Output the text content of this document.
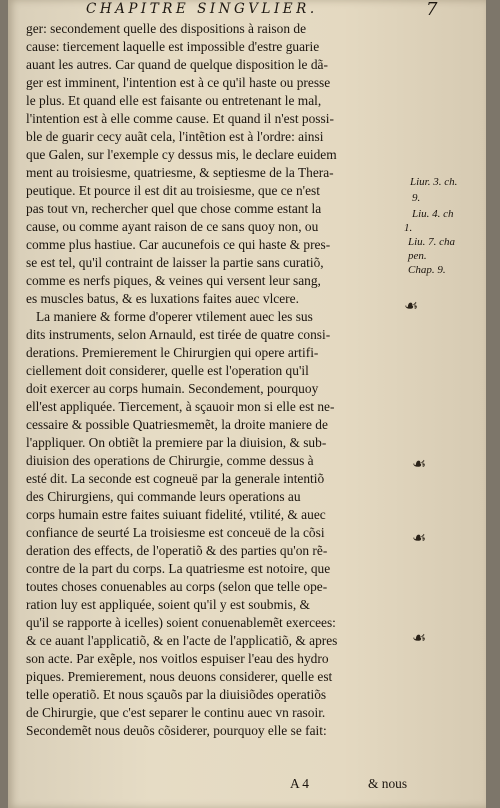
CHAPITRE SINGVLIER.	7
ger: secondement quelle des dispositions à raison de
cause: tiercement laquelle est impossible d'estre guarie
auant les autres. Car quand de quelque disposition le dã-
ger est imminent, l'intention est à ce qu'il haste ou presse
le plus. Et quand elle est faisante ou entretenant le mal,
l'intention est à elle comme cause. Et quand il n'est possi-
ble de guarir cecy auãt cela, l'intẽtion est à l'ordre: ainsi
que Galen, sur l'exemple cy dessus mis, le declare euidem
ment au troisiesme, quatriesme, & septiesme de la Thera-
peutique. Et pource il est dit au troisiesme, que ce n'est
pas tout vn, rechercher quel que chose comme estant la
cause, ou comme ayant raison de ce sans quoy non, ou
comme plus hastiue. Car aucunefois ce qui haste & pres-
se est tel, qu'il contraint de laisser la partie sans curatiõ,
comme es nerfs piques, & veines qui versent leur sang,
es muscles batus, & es luxations faites auec vlcere.
La maniere & forme d'operer vtilement auec les sus
dits instruments, selon Arnauld, est tirée de quatre consi-
derations. Premierement le Chirurgien qui opere artifi-
ciellement doit considerer, quelle est l'operation qu'il
doit exercer au corps humain. Secondement, pourquoy
ell'est appliquée. Tiercement, à sçauoir mon si elle est ne-
cessaire & possible Quatriesmemẽt, la droite maniere de
l'appliquer. On obtiẽt la premiere par la diuision, & sub-
diuision des operations de Chirurgie, comme dessus à
esté dit. La seconde est cogneuë par la generale intentiõ
des Chirurgiens, qui commande leurs operations au
corps humain estre faites suiuant fidelité, vtilité, & auec
confiance de seurté La troisiesme est conceuë de la cõsi
deration des effects, de l'operatiõ & des parties qu'on rẽ-
contre de la part du corps. La quatriesme est notoire, que
toutes choses conuenables au corps (selon que telle ope-
ration luy est appliquée, soient qu'il y est soubmis, &
qu'il se rapporte à icelles) soient conuenablemẽt exercees:
& ce auant l'applicatiõ, & en l'acte de l'applicatiõ, & apres
son acte. Par exẽple, nos voitlos espuiser l'eau des hydro
piques. Premierement, nous deuons considerer, quelle est
telle operatiõ. Et nous sçauõs par la diuisiõdes operatiõs
de Chirurgie, que c'est separer le continu auec vn rasoir.
Secondemẽt nous deuõs cõsiderer, pourquoy elle se fait:
Liur. 3. ch.
9.
Liu. 4. ch
1.
Liu. 7. cha
pen.
Chap. 9.
☙
☙
☙
☙
A 4	& nous
